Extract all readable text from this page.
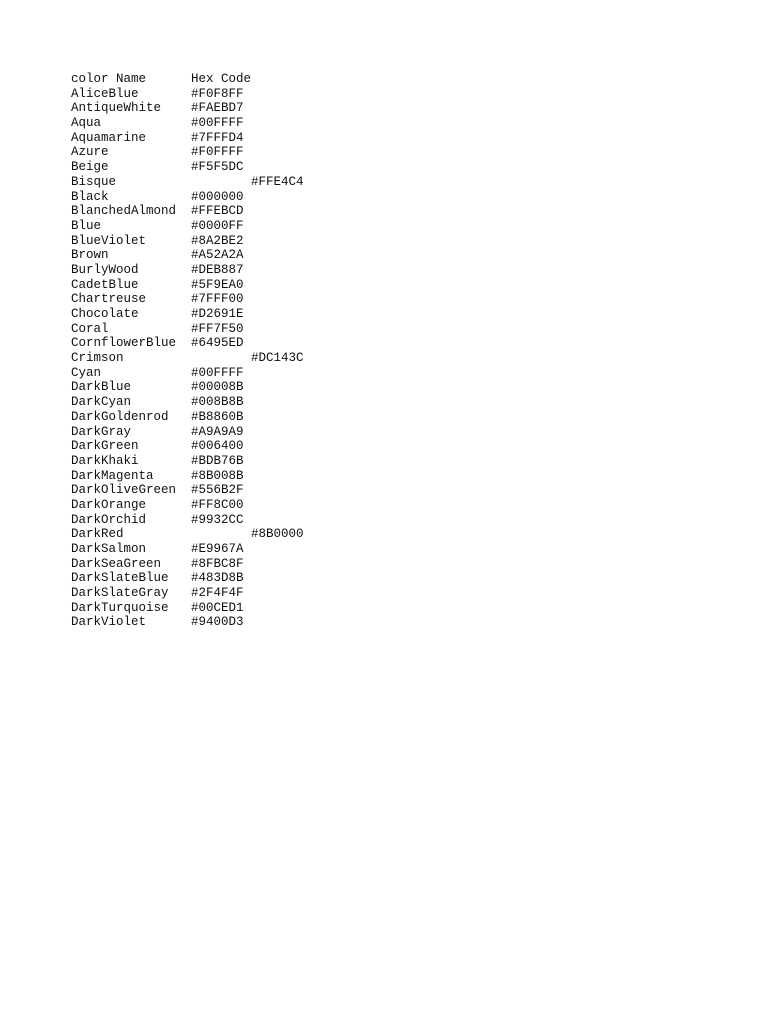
color Name	Hex Code
AliceBlue	#F0F8FF
AntiqueWhite	#FAEBD7
Aqua		#00FFFF
Aquamarine	#7FFFD4
Azure		#F0FFFF
Beige		#F5F5DC
Bisque			#FFE4C4
Black		#000000
BlanchedAlmond	#FFEBCD
Blue		#0000FF
BlueViolet	#8A2BE2
Brown		#A52A2A
BurlyWood	#DEB887
CadetBlue	#5F9EA0
Chartreuse	#7FFF00
Chocolate	#D2691E
Coral		#FF7F50
CornflowerBlue	#6495ED
Crimson			#DC143C
Cyan		#00FFFF
DarkBlue	#00008B
DarkCyan	#008B8B
DarkGoldenrod	#B8860B
DarkGray	#A9A9A9
DarkGreen	#006400
DarkKhaki	#BDB76B
DarkMagenta	#8B008B
DarkOliveGreen	#556B2F
DarkOrange	#FF8C00
DarkOrchid	#9932CC
DarkRed			#8B0000
DarkSalmon	#E9967A
DarkSeaGreen	#8FBC8F
DarkSlateBlue	#483D8B
DarkSlateGray	#2F4F4F
DarkTurquoise	#00CED1
DarkViolet	#9400D3
